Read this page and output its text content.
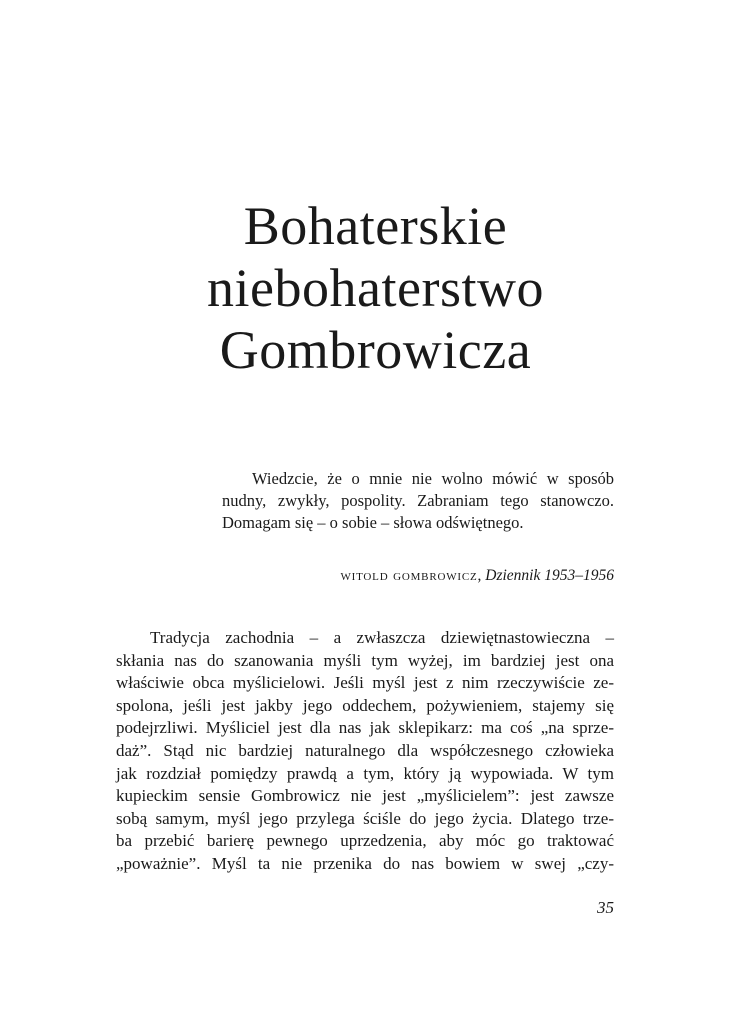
Bohaterskie
niebohaterstwo
Gombrowicza

Wiedzcie, że o mnie nie wolno mówić w sposób
nudny, zwykły, pospolity. Zabraniam tego stanowczo.
Domagam się – o sobie – słowa odświętnego.

witold gombrowicz, Dziennik 1953–1956
Tradycja zachodnia – a zwłaszcza dziewiętnastowieczna –
skłania nas do szanowania myśli tym wyżej, im bardziej jest ona
właściwie obca myślicielowi. Jeśli myśl jest z nim rzeczywiście ze-
spolona, jeśli jest jakby jego oddechem, pożywieniem, stajemy się
podejrzliwi. Myśliciel jest dla nas jak sklepikarz: ma coś „na sprze-
daż”. Stąd nic bardziej naturalnego dla współczesnego człowieka
jak rozdział pomiędzy prawdą a tym, który ją wypowiada. W tym
kupieckim sensie Gombrowicz nie jest „myślicielem”: jest zawsze
sobą samym, myśl jego przylega ściśle do jego życia. Dlatego trze-
ba przebić barierę pewnego uprzedzenia, aby móc go traktować
„poważnie”. Myśl ta nie przenika do nas bowiem w swej „czy-
35
